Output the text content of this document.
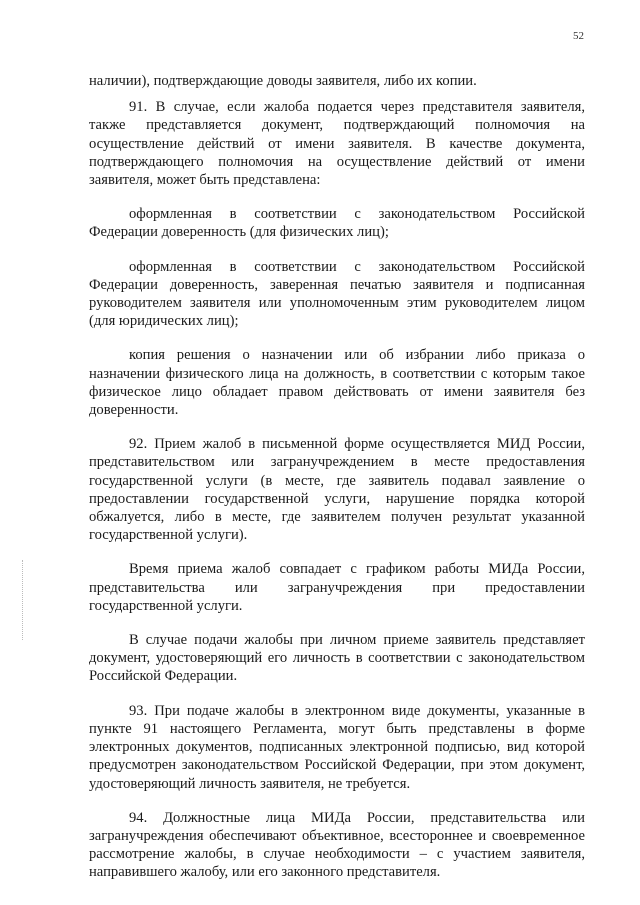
52

наличии), подтверждающие доводы заявителя, либо их копии.

91. В случае, если жалоба подается через представителя заявителя, также представляется документ, подтверждающий полномочия на осуществление действий от имени заявителя. В качестве документа, подтверждающего полномочия на осуществление действий от имени заявителя, может быть представлена:

оформленная в соответствии с законодательством Российской Федерации доверенность (для физических лиц);

оформленная в соответствии с законодательством Российской Федерации доверенность, заверенная печатью заявителя и подписанная руководителем заявителя или уполномоченным этим руководителем лицом (для юридических лиц);

копия решения о назначении или об избрании либо приказа о назначении физического лица на должность, в соответствии с которым такое физическое лицо обладает правом действовать от имени заявителя без доверенности.

92. Прием жалоб в письменной форме осуществляется МИД России, представительством или загранучреждением в месте предоставления государственной услуги (в месте, где заявитель подавал заявление о предоставлении государственной услуги, нарушение порядка которой обжалуется, либо в месте, где заявителем получен результат указанной государственной услуги).

Время приема жалоб совпадает с графиком работы МИДа России, представительства или загранучреждения при предоставлении государственной услуги.

В случае подачи жалобы при личном приеме заявитель представляет документ, удостоверяющий его личность в соответствии с законодательством Российской Федерации.

93. При подаче жалобы в электронном виде документы, указанные в пункте 91 настоящего Регламента, могут быть представлены в форме электронных документов, подписанных электронной подписью, вид которой предусмотрен законодательством Российской Федерации, при этом документ, удостоверяющий личность заявителя, не требуется.

94. Должностные лица МИДа России, представительства или загранучреждения обеспечивают объективное, всестороннее и своевременное рассмотрение жалобы, в случае необходимости – с участием заявителя, направившего жалобу, или его законного представителя.
